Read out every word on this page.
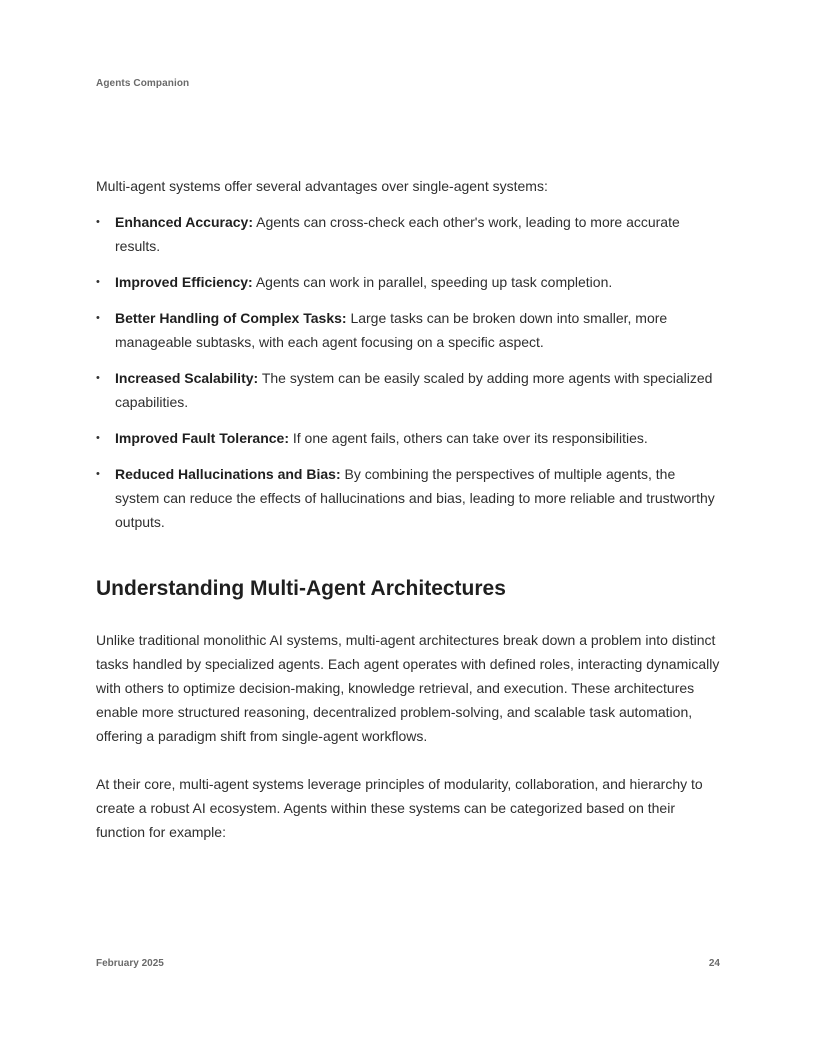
Agents Companion

Multi-agent systems offer several advantages over single-agent systems:

• Enhanced Accuracy: Agents can cross-check each other's work, leading to more accurate results.
• Improved Efficiency: Agents can work in parallel, speeding up task completion.
• Better Handling of Complex Tasks: Large tasks can be broken down into smaller, more manageable subtasks, with each agent focusing on a specific aspect.
• Increased Scalability: The system can be easily scaled by adding more agents with specialized capabilities.
• Improved Fault Tolerance: If one agent fails, others can take over its responsibilities.
• Reduced Hallucinations and Bias: By combining the perspectives of multiple agents, the system can reduce the effects of hallucinations and bias, leading to more reliable and trustworthy outputs.
Understanding Multi-Agent Architectures

Unlike traditional monolithic AI systems, multi-agent architectures break down a problem into distinct tasks handled by specialized agents. Each agent operates with defined roles, interacting dynamically with others to optimize decision-making, knowledge retrieval, and execution. These architectures enable more structured reasoning, decentralized problem-solving, and scalable task automation, offering a paradigm shift from single-agent workflows.

At their core, multi-agent systems leverage principles of modularity, collaboration, and hierarchy to create a robust AI ecosystem. Agents within these systems can be categorized based on their function for example:

February 2025	24
